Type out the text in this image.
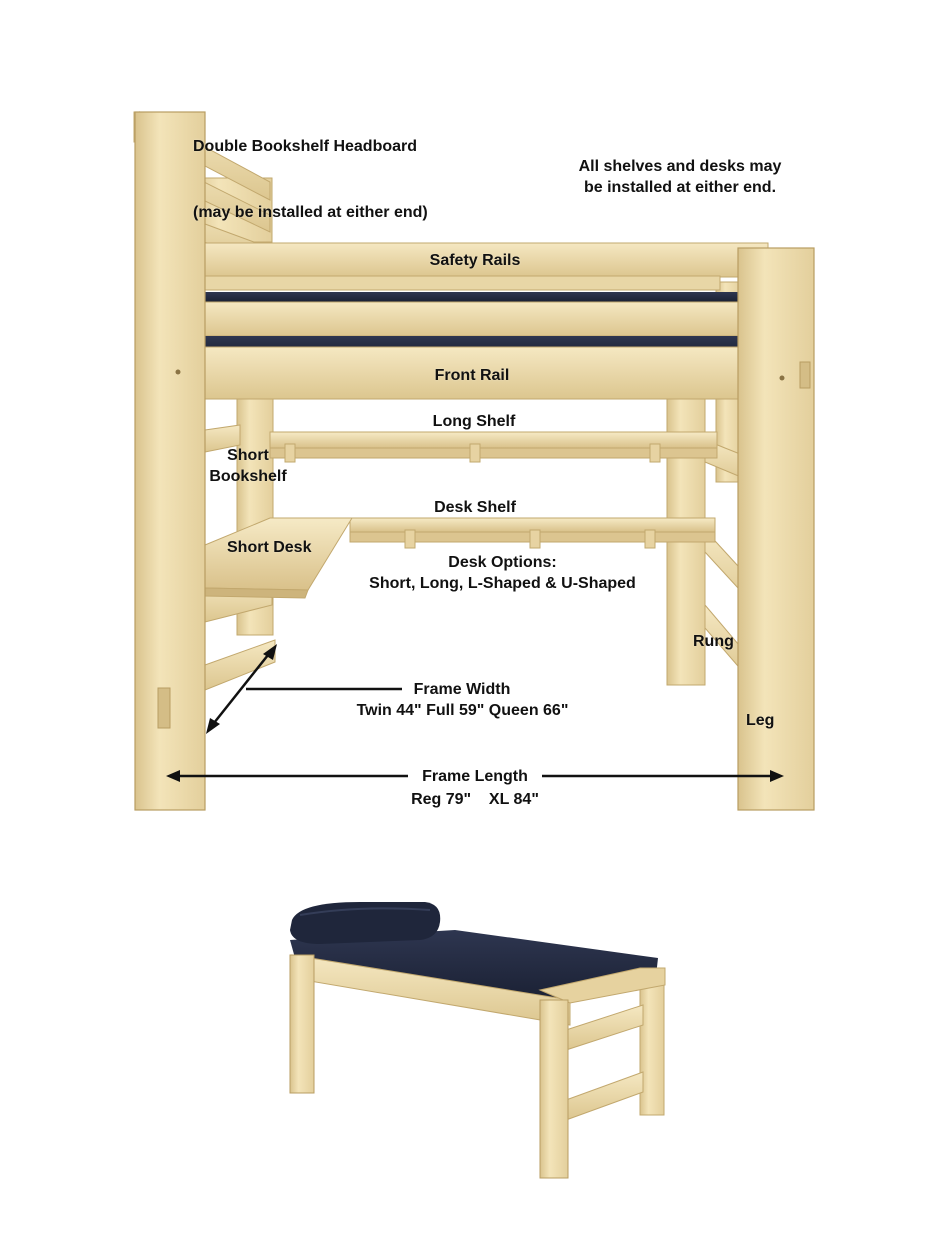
Double Bookshelf Headboard
(may be installed at either end)
All shelves and desks may
be installed at either end.
Safety Rails
Front Rail
Long Shelf
Short
Bookshelf
Desk Shelf
Short Desk
Desk Options:
Short, Long, L-Shaped & U-Shaped
Rung
Leg
Frame Width
Twin 44" Full 59" Queen 66"
Frame Length
Reg 79"    XL 84"
